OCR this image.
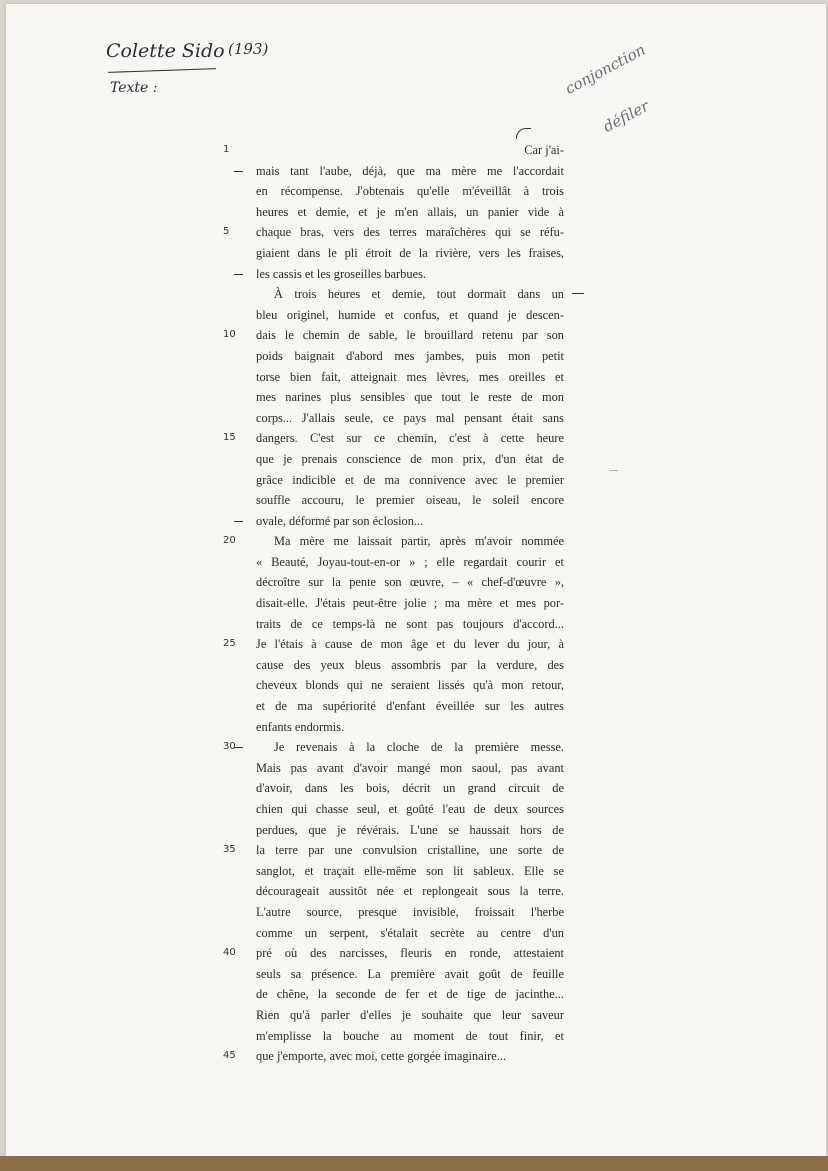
Colette Sido (193)
Texte :	conjonction
défiler
1	Car j'ai-
mais tant l'aube, déjà, que ma mère me l'accordait
en récompense. J'obtenais qu'elle m'éveillât à trois
heures et demie, et je m'en allais, un panier vide à
5	chaque bras, vers des terres maraîchères qui se réfu-
giaient dans le pli étroit de la rivière, vers les fraises,
les cassis et les groseilles barbues.
À trois heures et demie, tout dormait dans un
bleu originel, humide et confus, et quand je descen-
10 dais le chemin de sable, le brouillard retenu par son
poids baignait d'abord mes jambes, puis mon petit
torse bien fait, atteignait mes lèvres, mes oreilles et
mes narines plus sensibles que tout le reste de mon
corps... J'allais seule, ce pays mal pensant était sans
15 dangers. C'est sur ce chemin, c'est à cette heure
que je prenais conscience de mon prix, d'un état de
grâce indicible et de ma connivence avec le premier
souffle accouru, le premier oiseau, le soleil encore
ovale, déformé par son éclosion...
20	Ma mère me laissait partir, après m'avoir nommée
« Beauté, Joyau-tout-en-or » ; elle regardait courir et
décroître sur la pente son œuvre, – « chef-d'œuvre »,
disait-elle. J'étais peut-être jolie ; ma mère et mes por-
traits de ce temps-là ne sont pas toujours d'accord...
25 Je l'étais à cause de mon âge et du lever du jour, à
cause des yeux bleus assombris par la verdure, des
cheveux blonds qui ne seraient lissés qu'à mon retour,
et de ma supériorité d'enfant éveillée sur les autres
enfants endormis.
30	Je revenais à la cloche de la première messe.
Mais pas avant d'avoir mangé mon saoul, pas avant
d'avoir, dans les bois, décrit un grand circuit de
chien qui chasse seul, et goûté l'eau de deux sources
perdues, que je révérais. L'une se haussait hors de
35 la terre par une convulsion cristalline, une sorte de
sanglot, et traçait elle-même son lit sableux. Elle se
décourageait aussitôt née et replongeait sous la terre.
L'autre source, presque invisible, froissait l'herbe
comme un serpent, s'étalait secrète au centre d'un
40 pré où des narcisses, fleuris en ronde, attestaient
seuls sa présence. La première avait goût de feuille
de chêne, la seconde de fer et de tige de jacinthe...
Rien qu'à parler d'elles je souhaite que leur saveur
m'emplisse la bouche au moment de tout finir, et
45 que j'emporte, avec moi, cette gorgée imaginaire...
